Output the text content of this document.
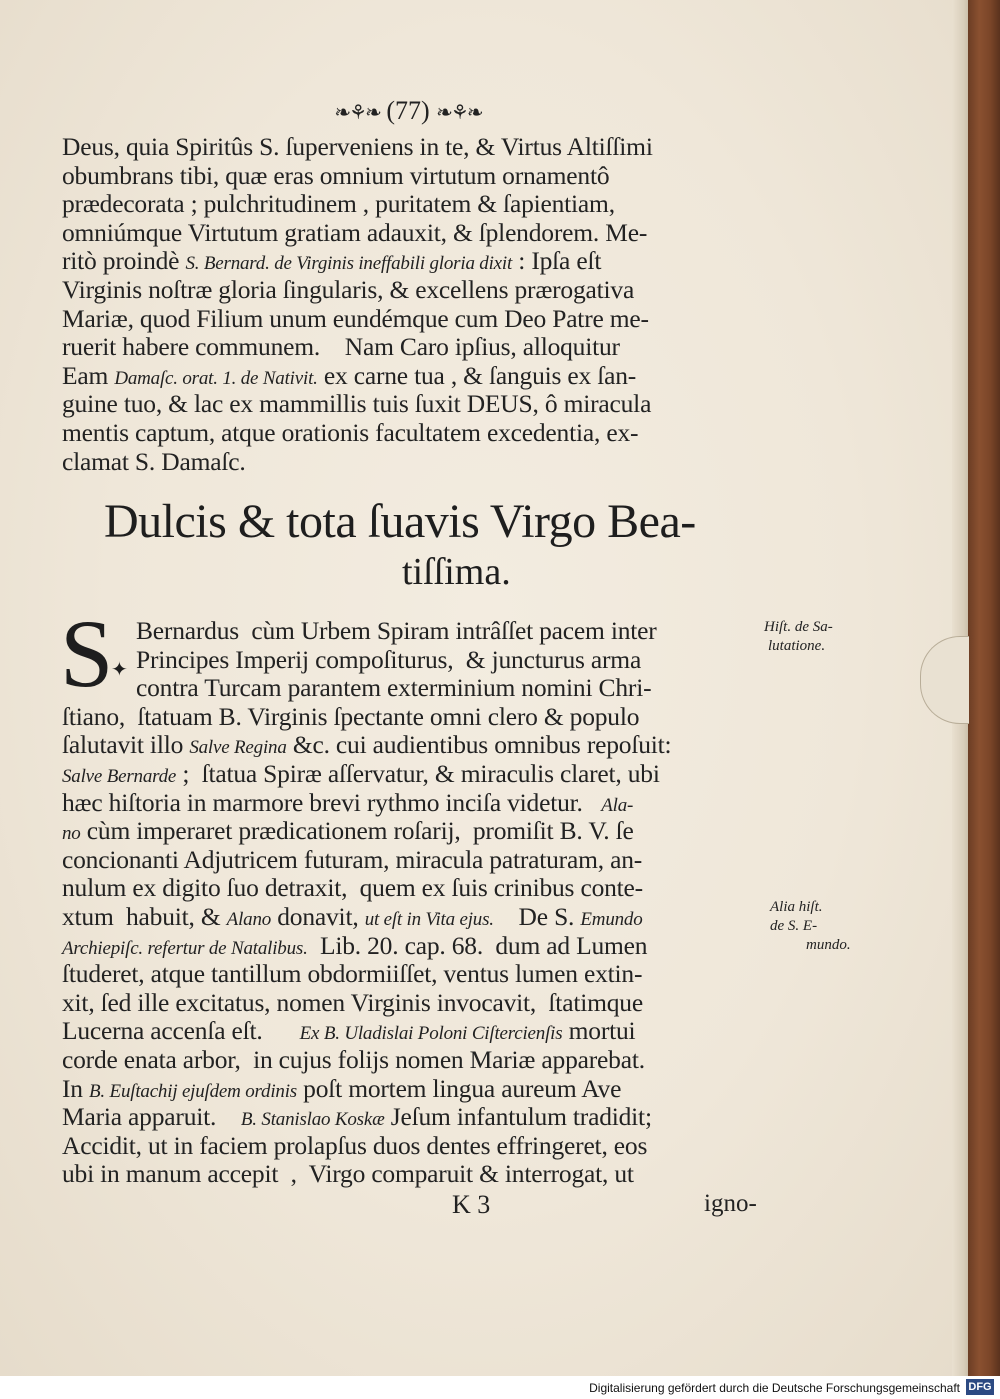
❧⚘❧ (77) ❧⚘❧
Deus, quia Spiritûs S. ſuperveniens in te, & Virtus Altiſſimi
obumbrans tibi, quæ eras omnium virtutum ornamentô
prædecorata ; pulchritudinem , puritatem & ſapientiam,
omniúmque Virtutum gratiam adauxit, & ſplendorem. Me-
ritò proindè S. Bernard. de Virginis ineffabili gloria dixit : Ipſa eſt
Virginis noſtræ gloria ſingularis, & excellens prærogativa
Mariæ, quod Filium unum eundémque cum Deo Patre me-
ruerit habere communem.    Nam Caro ipſius, alloquitur
Eam Damaſc. orat. 1. de Nativit. ex carne tua , & ſanguis ex ſan-
guine tuo, & lac ex mammillis tuis ſuxit DEUS, ô miracula
mentis captum, atque orationis facultatem excedentia, ex-
clamat S. Damaſc.
Dulcis & tota ſuavis Virgo Bea-
tiſſima.
S
✦
Bernardus  cùm Urbem Spiram intrâſſet pacem inter
Principes Imperij compoſiturus,  & juncturus arma
contra Turcam parantem exterminium nomini Chri-
ſtiano,  ſtatuam B. Virginis ſpectante omni clero & populo
ſalutavit illo Salve Regina &c. cui audientibus omnibus repoſuit:
Salve Bernarde ;  ſtatua Spiræ aſſervatur, & miraculis claret, ubi
hæc hiſtoria in marmore brevi rythmo inciſa videtur.   Ala-
no cùm imperaret prædicationem roſarij,  promiſit B. V. ſe
concionanti Adjutricem futuram, miracula patraturam, an-
nulum ex digito ſuo detraxit,  quem ex ſuis crinibus conte-
xtum  habuit, & Alano donavit, ut eſt in Vita ejus.    De S. Emundo
Archiepiſc. refertur de Natalibus.  Lib. 20. cap. 68.  dum ad Lumen
ſtuderet, atque tantillum obdormiiſſet, ventus lumen extin-
xit, ſed ille excitatus, nomen Virginis invocavit,  ſtatimque
Lucerna accenſa eſt.      Ex B. Uladislai Poloni Ciſtercienſis mortui
corde enata arbor,  in cujus folijs nomen Mariæ apparebat.
In B. Euſtachij ejuſdem ordinis poſt mortem lingua aureum Ave
Maria apparuit.    B. Stanislao Koskæ Jeſum infantulum tradidit;
Accidit, ut in faciem prolapſus duos dentes effringeret, eos
ubi in manum accepit  ,  Virgo comparuit & interrogat, ut
Hiſt. de Sa-
lutatione.
Alia hiſt.
de S. E-
mundo.
K 3	igno-
Digitalisierung gefördert durch die Deutsche Forschungsgemeinschaft DFG
